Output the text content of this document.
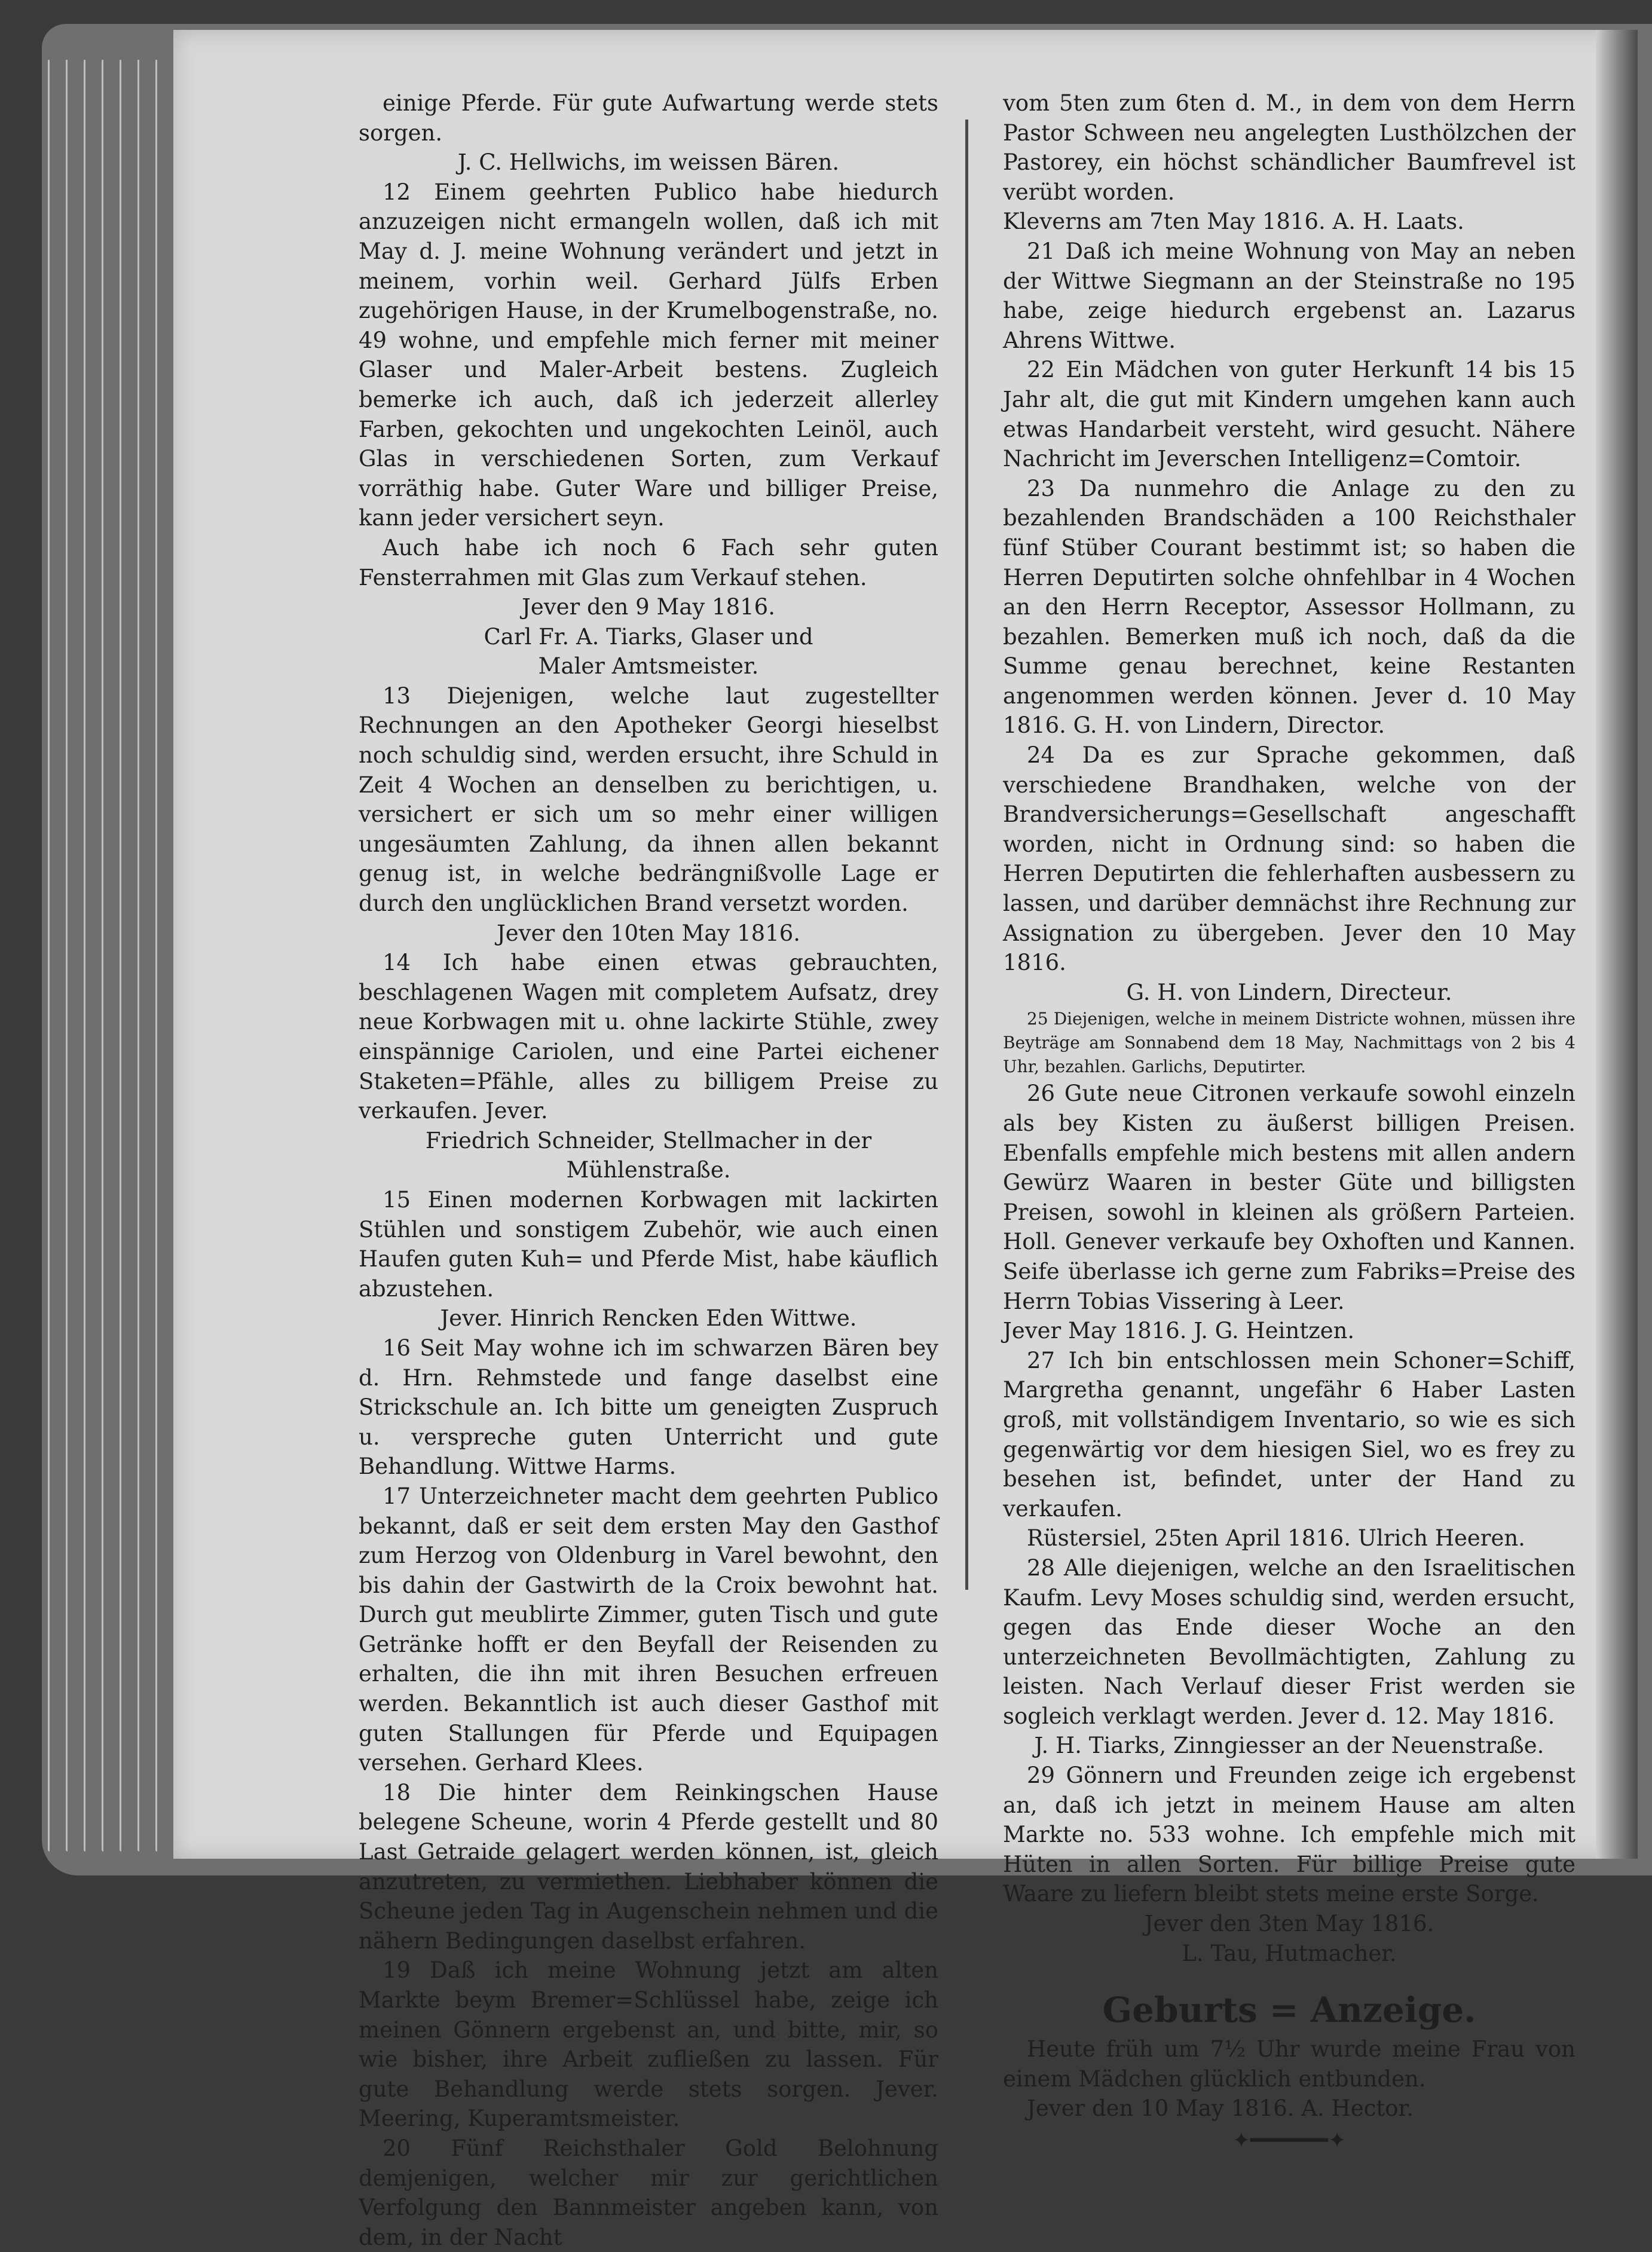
einige Pferde. Für gute Aufwartung werde stets sorgen.

J. C. Hellwichs, im weissen Bären.

12 Einem geehrten Publico habe hiedurch anzuzeigen nicht ermangeln wollen, daß ich mit May d. J. meine Wohnung verändert und jetzt in meinem, vorhin weil. Gerhard Jülfs Erben zugehörigen Hause, in der Krumelbogenstraße, no. 49 wohne, und empfehle mich ferner mit meiner Glaser und Maler-Arbeit bestens. Zugleich bemerke ich auch, daß ich jederzeit allerley Farben, gekochten und ungekochten Leinöl, auch Glas in verschiedenen Sorten, zum Verkauf vorräthig habe. Guter Ware und billiger Preise, kann jeder versichert seyn.

Auch habe ich noch 6 Fach sehr guten Fensterrahmen mit Glas zum Verkauf stehen.

Jever den 9 May 1816.

Carl Fr. A. Tiarks, Glaser und

Maler Amtsmeister.

13 Diejenigen, welche laut zugestellter Rechnungen an den Apotheker Georgi hieselbst noch schuldig sind, werden ersucht, ihre Schuld in Zeit 4 Wochen an denselben zu berichtigen, u. versichert er sich um so mehr einer willigen ungesäumten Zahlung, da ihnen allen bekannt genug ist, in welche bedrängnißvolle Lage er durch den unglücklichen Brand versetzt worden.

Jever den 10ten May 1816.

14 Ich habe einen etwas gebrauchten, beschlagenen Wagen mit completem Aufsatz, drey neue Korbwagen mit u. ohne lackirte Stühle, zwey einspännige Cariolen, und eine Partei eichener Staketen=Pfähle, alles zu billigem Preise zu verkaufen. Jever.

Friedrich Schneider, Stellmacher in der Mühlenstraße.

15 Einen modernen Korbwagen mit lackirten Stühlen und sonstigem Zubehör, wie auch einen Haufen guten Kuh= und Pferde Mist, habe käuflich abzustehen.

Jever. Hinrich Rencken Eden Wittwe.

16 Seit May wohne ich im schwarzen Bären bey d. Hrn. Rehmstede und fange daselbst eine Strickschule an. Ich bitte um geneigten Zuspruch u. verspreche guten Unterricht und gute Behandlung. Wittwe Harms.

17 Unterzeichneter macht dem geehrten Publico bekannt, daß er seit dem ersten May den Gasthof zum Herzog von Oldenburg in Varel bewohnt, den bis dahin der Gastwirth de la Croix bewohnt hat. Durch gut meublirte Zimmer, guten Tisch und gute Getränke hofft er den Beyfall der Reisenden zu erhalten, die ihn mit ihren Besuchen erfreuen werden. Bekanntlich ist auch dieser Gasthof mit guten Stallungen für Pferde und Equipagen versehen. Gerhard Klees.

18 Die hinter dem Reinkingschen Hause belegene Scheune, worin 4 Pferde gestellt und 80 Last Getraide gelagert werden können, ist, gleich anzutreten, zu vermiethen. Liebhaber können die Scheune jeden Tag in Augenschein nehmen und die nähern Bedingungen daselbst erfahren.

19 Daß ich meine Wohnung jetzt am alten Markte beym Bremer=Schlüssel habe, zeige ich meinen Gönnern ergebenst an, und bitte, mir, so wie bisher, ihre Arbeit zufließen zu lassen. Für gute Behandlung werde stets sorgen. Jever. Meering, Kuperamtsmeister.

20 Fünf Reichsthaler Gold Belohnung demjenigen, welcher mir zur gerichtlichen Verfolgung den Bannmeister angeben kann, von dem, in der Nacht

vom 5ten zum 6ten d. M., in dem von dem Herrn Pastor Schween neu angelegten Lusthölzchen der Pastorey, ein höchst schändlicher Baumfrevel ist verübt worden.

Kleverns am 7ten May 1816. A. H. Laats.

21 Daß ich meine Wohnung von May an neben der Wittwe Siegmann an der Steinstraße no 195 habe, zeige hiedurch ergebenst an. Lazarus Ahrens Wittwe.

22 Ein Mädchen von guter Herkunft 14 bis 15 Jahr alt, die gut mit Kindern umgehen kann auch etwas Handarbeit versteht, wird gesucht. Nähere Nachricht im Jeverschen Intelligenz=Comtoir.

23 Da nunmehro die Anlage zu den zu bezahlenden Brandschäden a 100 Reichsthaler fünf Stüber Courant bestimmt ist; so haben die Herren Deputirten solche ohnfehlbar in 4 Wochen an den Herrn Receptor, Assessor Hollmann, zu bezahlen. Bemerken muß ich noch, daß da die Summe genau berechnet, keine Restanten angenommen werden können. Jever d. 10 May 1816. G. H. von Lindern, Director.

24 Da es zur Sprache gekommen, daß verschiedene Brandhaken, welche von der Brandversicherungs=Gesellschaft angeschafft worden, nicht in Ordnung sind: so haben die Herren Deputirten die fehlerhaften ausbessern zu lassen, und darüber demnächst ihre Rechnung zur Assignation zu übergeben. Jever den 10 May 1816.

G. H. von Lindern, Directeur.

25 Diejenigen, welche in meinem Districte wohnen, müssen ihre Beyträge am Sonnabend dem 18 May, Nachmittags von 2 bis 4 Uhr, bezahlen. Garlichs, Deputirter.

26 Gute neue Citronen verkaufe sowohl einzeln als bey Kisten zu äußerst billigen Preisen. Ebenfalls empfehle mich bestens mit allen andern Gewürz Waaren in bester Güte und billigsten Preisen, sowohl in kleinen als größern Parteien. Holl. Genever verkaufe bey Oxhoften und Kannen. Seife überlasse ich gerne zum Fabriks=Preise des Herrn Tobias Vissering à Leer.

Jever May 1816. J. G. Heintzen.

27 Ich bin entschlossen mein Schoner=Schiff, Margretha genannt, ungefähr 6 Haber Lasten groß, mit vollständigem Inventario, so wie es sich gegenwärtig vor dem hiesigen Siel, wo es frey zu besehen ist, befindet, unter der Hand zu verkaufen.

Rüstersiel, 25ten April 1816. Ulrich Heeren.

28 Alle diejenigen, welche an den Israelitischen Kaufm. Levy Moses schuldig sind, werden ersucht, gegen das Ende dieser Woche an den unterzeichneten Bevollmächtigten, Zahlung zu leisten. Nach Verlauf dieser Frist werden sie sogleich verklagt werden. Jever d. 12. May 1816.

J. H. Tiarks, Zinngiesser an der Neuenstraße.

29 Gönnern und Freunden zeige ich ergebenst an, daß ich jetzt in meinem Hause am alten Markte no. 533 wohne. Ich empfehle mich mit Hüten in allen Sorten. Für billige Preise gute Waare zu liefern bleibt stets meine erste Sorge.

Jever den 3ten May 1816.

L. Tau, Hutmacher.

Geburts = Anzeige.

Heute früh um 7½ Uhr wurde meine Frau von einem Mädchen glücklich entbunden.

Jever den 10 May 1816. A. Hector.

✦━━━━━━✦
